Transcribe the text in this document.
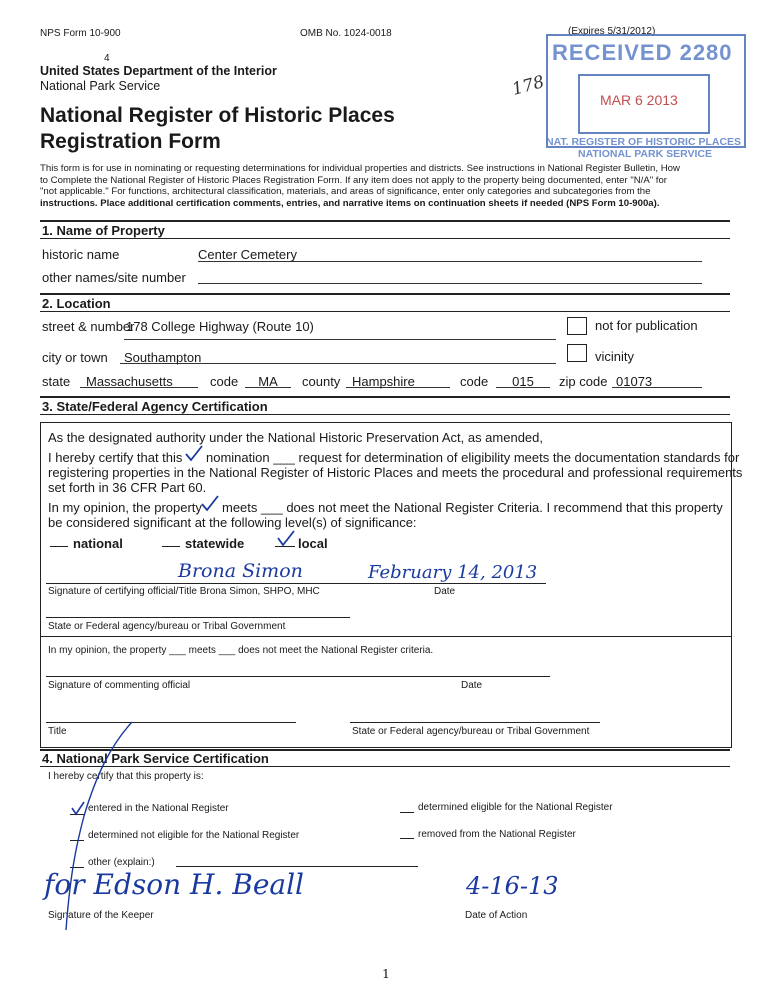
NPS Form 10-900	OMB No. 1024-0018	(Expires 5/31/2012)
4
United States Department of the Interior
National Park Service
National Register of Historic Places
Registration Form
RECEIVED 2280
MAR 6 2013
NAT. REGISTER OF HISTORIC PLACES
NATIONAL PARK SERVICE
178
This form is for use in nominating or requesting determinations for individual properties and districts. See instructions in National Register Bulletin, How
to Complete the National Register of Historic Places Registration Form. If any item does not apply to the property being documented, enter "N/A" for
"not applicable." For functions, architectural classification, materials, and areas of significance, enter only categories and subcategories from the
instructions. Place additional certification comments, entries, and narrative items on continuation sheets if needed (NPS Form 10-900a).
1. Name of Property
historic name	Center Cemetery
other names/site number
2. Location
street & number
178 College Highway (Route 10)	not for publication
city or town Southampton	vicinity
state Massachusetts	code	MA	county Hampshire	code	015	zip code 01073
3. State/Federal Agency Certification
As the designated authority under the National Historic Preservation Act, as amended,
I hereby certify that this nomination ___ request for determination of eligibility meets the documentation standards for
registering properties in the National Register of Historic Places and meets the procedural and professional requirements
set forth in 36 CFR Part 60.
In my opinion, the property meets ___ does not meet the National Register Criteria. I recommend that this property
be considered significant at the following level(s) of significance:
national	statewide	local
Brona Simon	February 14, 2013
Signature of certifying official/Title Brona Simon, SHPO, MHC	Date
State or Federal agency/bureau or Tribal Government
In my opinion, the property ___ meets ___ does not meet the National Register criteria.
Signature of commenting official	Date
Title	State or Federal agency/bureau or Tribal Government
4. National Park Service Certification
I hereby certify that this property is:
entered in the National Register	determined eligible for the National Register
determined not eligible for the National Register	removed from the National Register
other (explain:)
for Edson H. Beall	4-16-13
Signature of the Keeper	Date of Action
1
